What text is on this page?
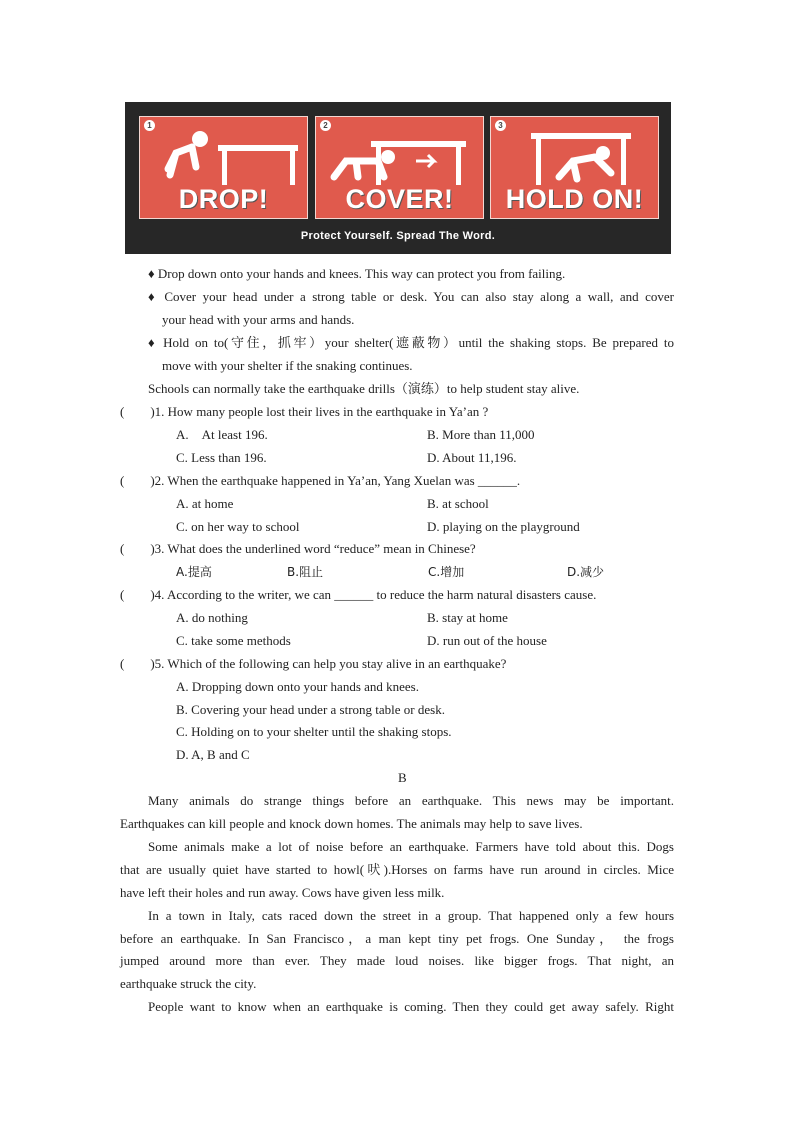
1
DROP!
2
COVER!
3
HOLD ON!
Protect Yourself. Spread The Word.
♦ Drop down onto your hands and knees. This way can protect you from failing.
♦ Cover your head under a strong table or desk. You can also stay along a wall, and cover
your head with your arms and hands.
♦ Hold on to(守住，抓牢）your shelter(遮蔽物）until the shaking stops. Be prepared to
move with your shelter if the snaking continues.
Schools can normally take the earthquake drills（演练）to help student stay alive.
(　　)1. How many people lost their lives in the earthquake in Ya’an ?
A.　At least 196.	B. More than 11,000
C. Less than 196.	D. About 11,196.
(　　)2. When the earthquake happened in Ya’an, Yang Xuelan was ______.
A. at home	B. at school
C. on her way to school	D. playing on the playground
(　　)3. What does the underlined word “reduce” mean in Chinese?
A.提高	B.阻止	C.增加	D.减少
(　　)4. According to the writer, we can ______ to reduce the harm natural disasters cause.
A. do nothing	B. stay at home
C. take some methods	D. run out of the house
(　　)5. Which of the following can help you stay alive in an earthquake?
A. Dropping down onto your hands and knees.
B. Covering your head under a strong table or desk.
C. Holding on to your shelter until the shaking stops.
D. A, B and C
B
Many animals do strange things before an earthquake. This news may be important.
Earthquakes can kill people and knock down homes. The animals may help to save lives.
Some animals make a lot of noise before an earthquake. Farmers have told about this. Dogs
that are usually quiet have started to howl(吠).Horses on farms have run around in circles. Mice
have left their holes and run away. Cows have given less milk.
In a town in Italy, cats raced down the street in a group. That happened only a few hours
before an earthquake. In San Francisco，a man kept tiny pet frogs. One Sunday， the frogs
jumped around more than ever. They made loud noises. like bigger frogs. That night, an
earthquake struck the city.
People want to know when an earthquake is coming. Then they could get away safely. Right
